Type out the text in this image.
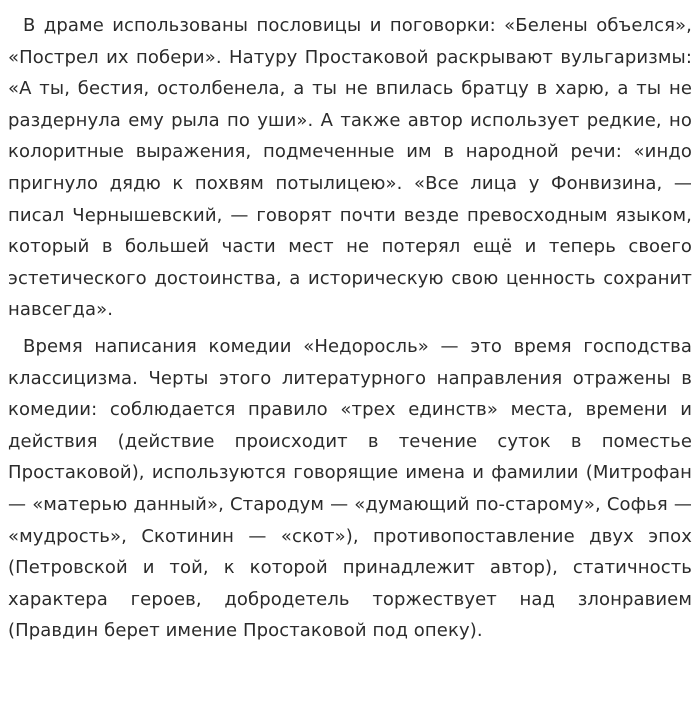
В драме использованы пословицы и поговорки: «Белены объелся», «Пострел их побери». Натуру Простаковой раскрывают вульгаризмы: «А ты, бестия, остолбенела, а ты не впилась братцу в харю, а ты не раздернула ему рыла по уши». А также автор использует редкие, но колоритные выражения, подмеченные им в народной речи: «индо пригнуло дядю к похвям потылицею». «Все лица у Фонвизина, — писал Чернышевский, — говорят почти везде превосходным языком, который в большей части мест не потерял ещё и теперь своего эстетического достоинства, а историческую свою ценность сохранит навсегда».

Время написания комедии «Недоросль» — это время господства классицизма. Черты этого литературного направления отражены в комедии: соблюдается правило «трех единств» места, времени и действия (действие происходит в течение суток в поместье Простаковой), используются говорящие имена и фамилии (Митрофан — «матерью данный», Стародум — «думающий по-старому», Софья — «мудрость», Скотинин — «скот»), противопоставление двух эпох (Петровской и той, к которой принадлежит автор), статичность характера героев, добродетель торжествует над злонравием (Правдин берет имение Простаковой под опеку).
